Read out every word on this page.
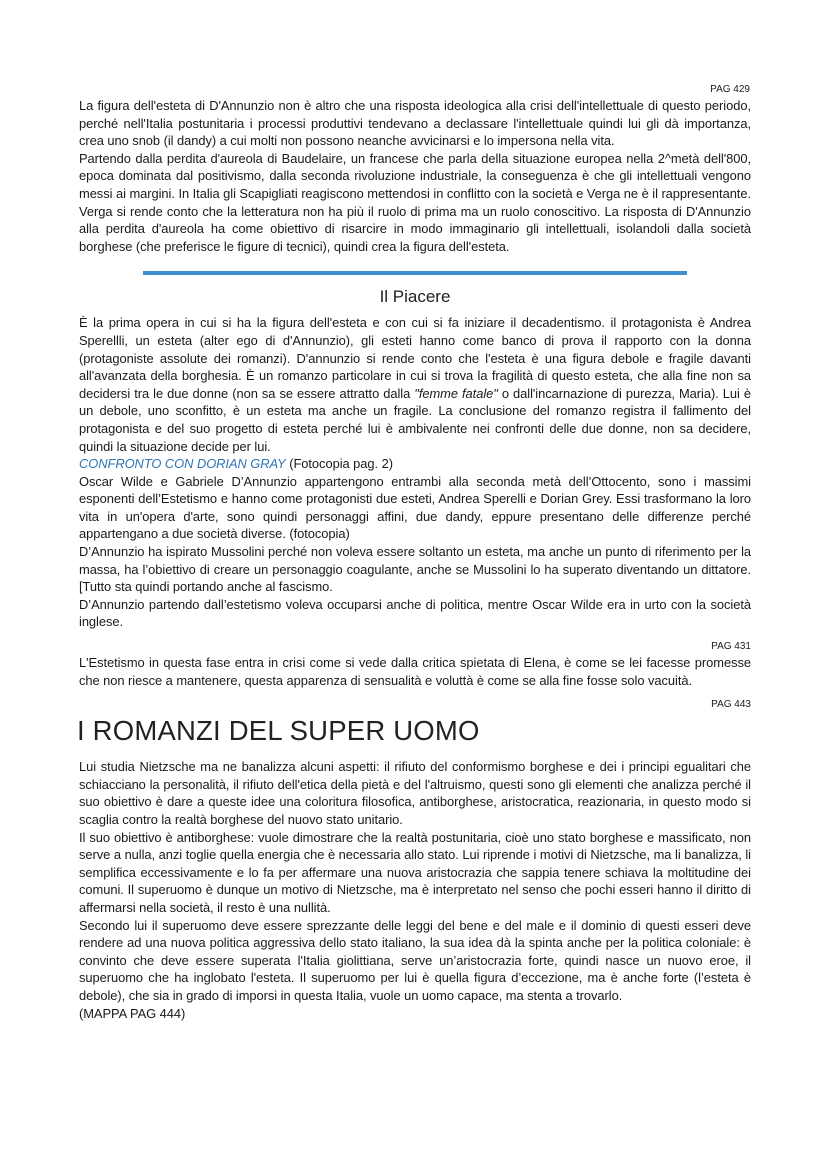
PAG 429

La figura dell'esteta di D'Annunzio non è altro che una risposta ideologica alla crisi dell'intellettuale di questo periodo, perché nell'Italia postunitaria i processi produttivi tendevano a declassare l'intellettuale quindi lui gli dà importanza, crea uno snob (il dandy) a cui molti non possono neanche avvicinarsi e lo impersona nella vita.

Partendo dalla perdita d'aureola di Baudelaire, un francese che parla della situazione europea nella 2^metà dell'800, epoca dominata dal positivismo, dalla seconda rivoluzione industriale, la conseguenza è che gli intellettuali vengono messi ai margini. In Italia gli Scapigliati reagiscono mettendosi in conflitto con la società e Verga ne è il rappresentante. Verga si rende conto che la letteratura non ha più il ruolo di prima ma un ruolo conoscitivo. La risposta di D'Annunzio alla perdita d'aureola ha come obiettivo di risarcire in modo immaginario gli intellettuali, isolandoli dalla società borghese (che preferisce le figure di tecnici), quindi crea la figura dell'esteta.

Il Piacere

È la prima opera in cui si ha la figura dell'esteta e con cui si fa iniziare il decadentismo. il protagonista è Andrea Sperellli, un esteta (alter ego di d'Annunzio), gli esteti hanno come banco di prova il rapporto con la donna (protagoniste assolute dei romanzi). D'annunzio si rende conto che l'esteta è una figura debole e fragile davanti all'avanzata della borghesia. È un romanzo particolare in cui si trova la fragilità di questo esteta, che alla fine non sa decidersi tra le due donne (non sa se essere attratto dalla "femme fatale" o dall'incarnazione di purezza, Maria). Lui è un debole, uno sconfitto, è un esteta ma anche un fragile. La conclusione del romanzo registra il fallimento del protagonista e del suo progetto di esteta perché lui è ambivalente nei confronti delle due donne, non sa decidere, quindi la situazione decide per lui.

CONFRONTO CON DORIAN GRAY (Fotocopia pag. 2)

Oscar Wilde e Gabriele D’Annunzio appartengono entrambi alla seconda metà dell’Ottocento, sono i massimi esponenti dell’Estetismo e hanno come protagonisti due esteti, Andrea Sperelli e Dorian Grey. Essi trasformano la loro vita in un'opera d'arte, sono quindi personaggi affini, due dandy, eppure presentano delle differenze perché appartengano a due società diverse. (fotocopia)

D’Annunzio ha ispirato Mussolini perché non voleva essere soltanto un esteta, ma anche un punto di riferimento per la massa, ha l’obiettivo di creare un personaggio coagulante, anche se Mussolini lo ha superato diventando un dittatore. [Tutto sta quindi portando anche al fascismo.

D’Annunzio partendo dall’estetismo voleva occuparsi anche di politica, mentre Oscar Wilde era in urto con la società inglese.

PAG 431

L'Estetismo in questa fase entra in crisi come si vede dalla critica spietata di Elena, è come se lei facesse promesse che non riesce a mantenere, questa apparenza di sensualità e voluttà è come se alla fine fosse solo vacuità.

PAG 443

I ROMANZI DEL SUPER UOMO

Lui studia Nietzsche ma ne banalizza alcuni aspetti: il rifiuto del conformismo borghese e dei i principi egualitari che schiacciano la personalità, il rifiuto dell'etica della pietà e del l'altruismo, questi sono gli elementi che analizza perché il suo obiettivo è dare a queste idee una coloritura filosofica, antiborghese, aristocratica, reazionaria, in questo modo si scaglia contro la realtà borghese del nuovo stato unitario.

Il suo obiettivo è antiborghese: vuole dimostrare che la realtà postunitaria, cioè uno stato borghese e massificato, non serve a nulla, anzi toglie quella energia che è necessaria allo stato. Lui riprende i motivi di Nietzsche, ma li banalizza, li semplifica eccessivamente e lo fa per affermare una nuova aristocrazia che sappia tenere schiava la moltitudine dei comuni. Il superuomo è dunque un motivo di Nietzsche, ma è interpretato nel senso che pochi esseri hanno il diritto di affermarsi nella società, il resto è una nullità.

Secondo lui il superuomo deve essere sprezzante delle leggi del bene e del male e il dominio di questi esseri deve rendere ad una nuova politica aggressiva dello stato italiano, la sua idea dà la spinta anche per la politica coloniale: è convinto che deve essere superata l'Italia giolittiana, serve un’aristocrazia forte, quindi nasce un nuovo eroe, il superuomo che ha inglobato l'esteta. Il superuomo per lui è quella figura d’eccezione, ma è anche forte (l’esteta è debole), che sia in grado di imporsi in questa Italia, vuole un uomo capace, ma stenta a trovarlo.

(MAPPA PAG 444)
